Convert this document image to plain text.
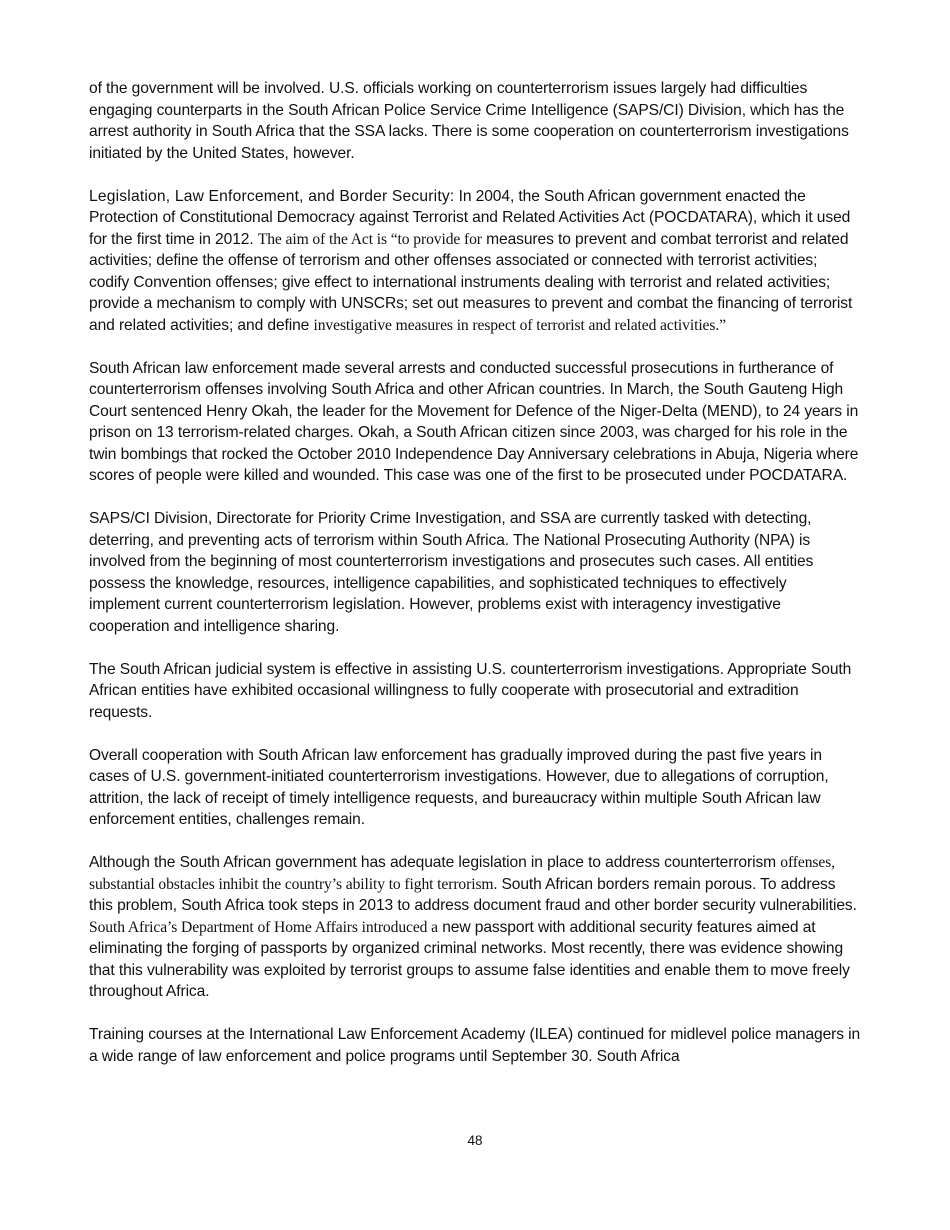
of the government will be involved. U.S. officials working on counterterrorism issues largely had difficulties engaging counterparts in the South African Police Service Crime Intelligence (SAPS/CI) Division, which has the arrest authority in South Africa that the SSA lacks. There is some cooperation on counterterrorism investigations initiated by the United States, however.

Legislation, Law Enforcement, and Border Security: In 2004, the South African government enacted the Protection of Constitutional Democracy against Terrorist and Related Activities Act (POCDATARA), which it used for the first time in 2012. The aim of the Act is “to provide for measures to prevent and combat terrorist and related activities; define the offense of terrorism and other offenses associated or connected with terrorist activities; codify Convention offenses; give effect to international instruments dealing with terrorist and related activities; provide a mechanism to comply with UNSCRs; set out measures to prevent and combat the financing of terrorist and related activities; and define investigative measures in respect of terrorist and related activities.”

South African law enforcement made several arrests and conducted successful prosecutions in furtherance of counterterrorism offenses involving South Africa and other African countries. In March, the South Gauteng High Court sentenced Henry Okah, the leader for the Movement for Defence of the Niger-Delta (MEND), to 24 years in prison on 13 terrorism-related charges. Okah, a South African citizen since 2003, was charged for his role in the twin bombings that rocked the October 2010 Independence Day Anniversary celebrations in Abuja, Nigeria where scores of people were killed and wounded. This case was one of the first to be prosecuted under POCDATARA.

SAPS/CI Division, Directorate for Priority Crime Investigation, and SSA are currently tasked with detecting, deterring, and preventing acts of terrorism within South Africa. The National Prosecuting Authority (NPA) is involved from the beginning of most counterterrorism investigations and prosecutes such cases. All entities possess the knowledge, resources, intelligence capabilities, and sophisticated techniques to effectively implement current counterterrorism legislation. However, problems exist with interagency investigative cooperation and intelligence sharing.

The South African judicial system is effective in assisting U.S. counterterrorism investigations. Appropriate South African entities have exhibited occasional willingness to fully cooperate with prosecutorial and extradition requests.

Overall cooperation with South African law enforcement has gradually improved during the past five years in cases of U.S. government-initiated counterterrorism investigations. However, due to allegations of corruption, attrition, the lack of receipt of timely intelligence requests, and bureaucracy within multiple South African law enforcement entities, challenges remain.

Although the South African government has adequate legislation in place to address counterterrorism offenses, substantial obstacles inhibit the country’s ability to fight terrorism. South African borders remain porous. To address this problem, South Africa took steps in 2013 to address document fraud and other border security vulnerabilities. South Africa’s Department of Home Affairs introduced a new passport with additional security features aimed at eliminating the forging of passports by organized criminal networks. Most recently, there was evidence showing that this vulnerability was exploited by terrorist groups to assume false identities and enable them to move freely throughout Africa.

Training courses at the International Law Enforcement Academy (ILEA) continued for midlevel police managers in a wide range of law enforcement and police programs until September 30. South Africa

48
